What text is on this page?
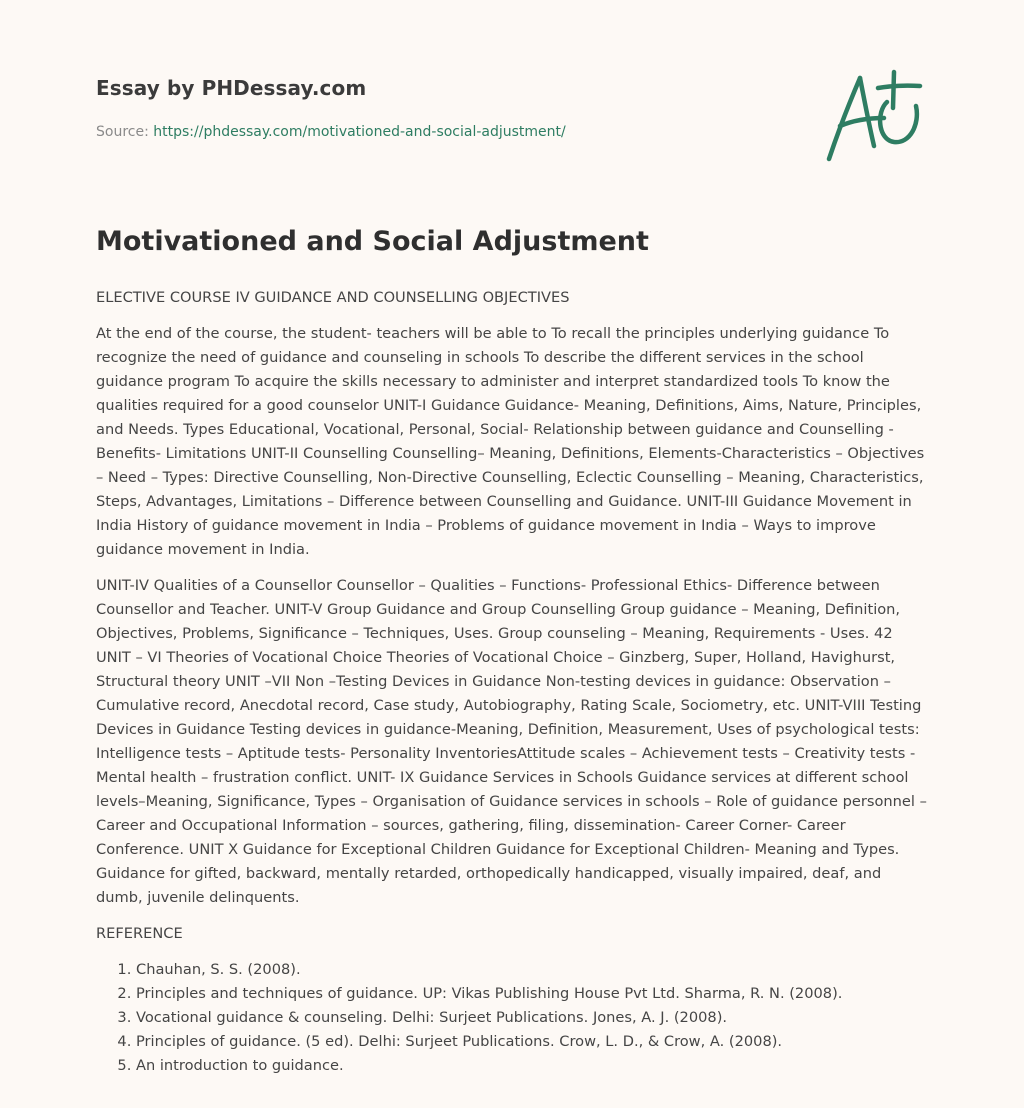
Essay by PHDessay.com
Source: https://phdessay.com/motivationed-and-social-adjustment/
Motivationed and Social Adjustment

ELECTIVE COURSE IV GUIDANCE AND COUNSELLING OBJECTIVES

At the end of the course, the student- teachers will be able to To recall the principles underlying guidance To recognize the need of guidance and counseling in schools To describe the different services in the school guidance program To acquire the skills necessary to administer and interpret standardized tools To know the qualities required for a good counselor UNIT-I Guidance Guidance- Meaning, Definitions, Aims, Nature, Principles, and Needs. Types Educational, Vocational, Personal, Social- Relationship between guidance and Counselling -Benefits- Limitations UNIT-II Counselling Counselling– Meaning, Definitions, Elements-Characteristics – Objectives – Need – Types: Directive Counselling, Non-Directive Counselling, Eclectic Counselling – Meaning, Characteristics, Steps, Advantages, Limitations – Difference between Counselling and Guidance. UNIT-III Guidance Movement in India History of guidance movement in India – Problems of guidance movement in India – Ways to improve guidance movement in India.

UNIT-IV Qualities of a Counsellor Counsellor – Qualities – Functions- Professional Ethics- Difference between Counsellor and Teacher. UNIT-V Group Guidance and Group Counselling Group guidance – Meaning, Definition, Objectives, Problems, Significance – Techniques, Uses. Group counseling – Meaning, Requirements - Uses. 42 UNIT – VI Theories of Vocational Choice Theories of Vocational Choice – Ginzberg, Super, Holland, Havighurst, Structural theory UNIT –VII Non –Testing Devices in Guidance Non-testing devices in guidance: Observation – Cumulative record, Anecdotal record, Case study, Autobiography, Rating Scale, Sociometry, etc. UNIT-VIII Testing Devices in Guidance Testing devices in guidance-Meaning, Definition, Measurement, Uses of psychological tests: Intelligence tests – Aptitude tests- Personality InventoriesAttitude scales – Achievement tests – Creativity tests -Mental health – frustration conflict. UNIT- IX Guidance Services in Schools Guidance services at different school levels–Meaning, Significance, Types – Organisation of Guidance services in schools – Role of guidance personnel – Career and Occupational Information – sources, gathering, filing, dissemination- Career Corner- Career Conference. UNIT X Guidance for Exceptional Children Guidance for Exceptional Children- Meaning and Types. Guidance for gifted, backward, mentally retarded, orthopedically handicapped, visually impaired, deaf, and dumb, juvenile delinquents.

REFERENCE
1. Chauhan, S. S. (2008).
2. Principles and techniques of guidance. UP: Vikas Publishing House Pvt Ltd. Sharma, R. N. (2008).
3. Vocational guidance & counseling. Delhi: Surjeet Publications. Jones, A. J. (2008).
4. Principles of guidance. (5 ed). Delhi: Surjeet Publications. Crow, L. D., & Crow, A. (2008).
5. An introduction to guidance.
